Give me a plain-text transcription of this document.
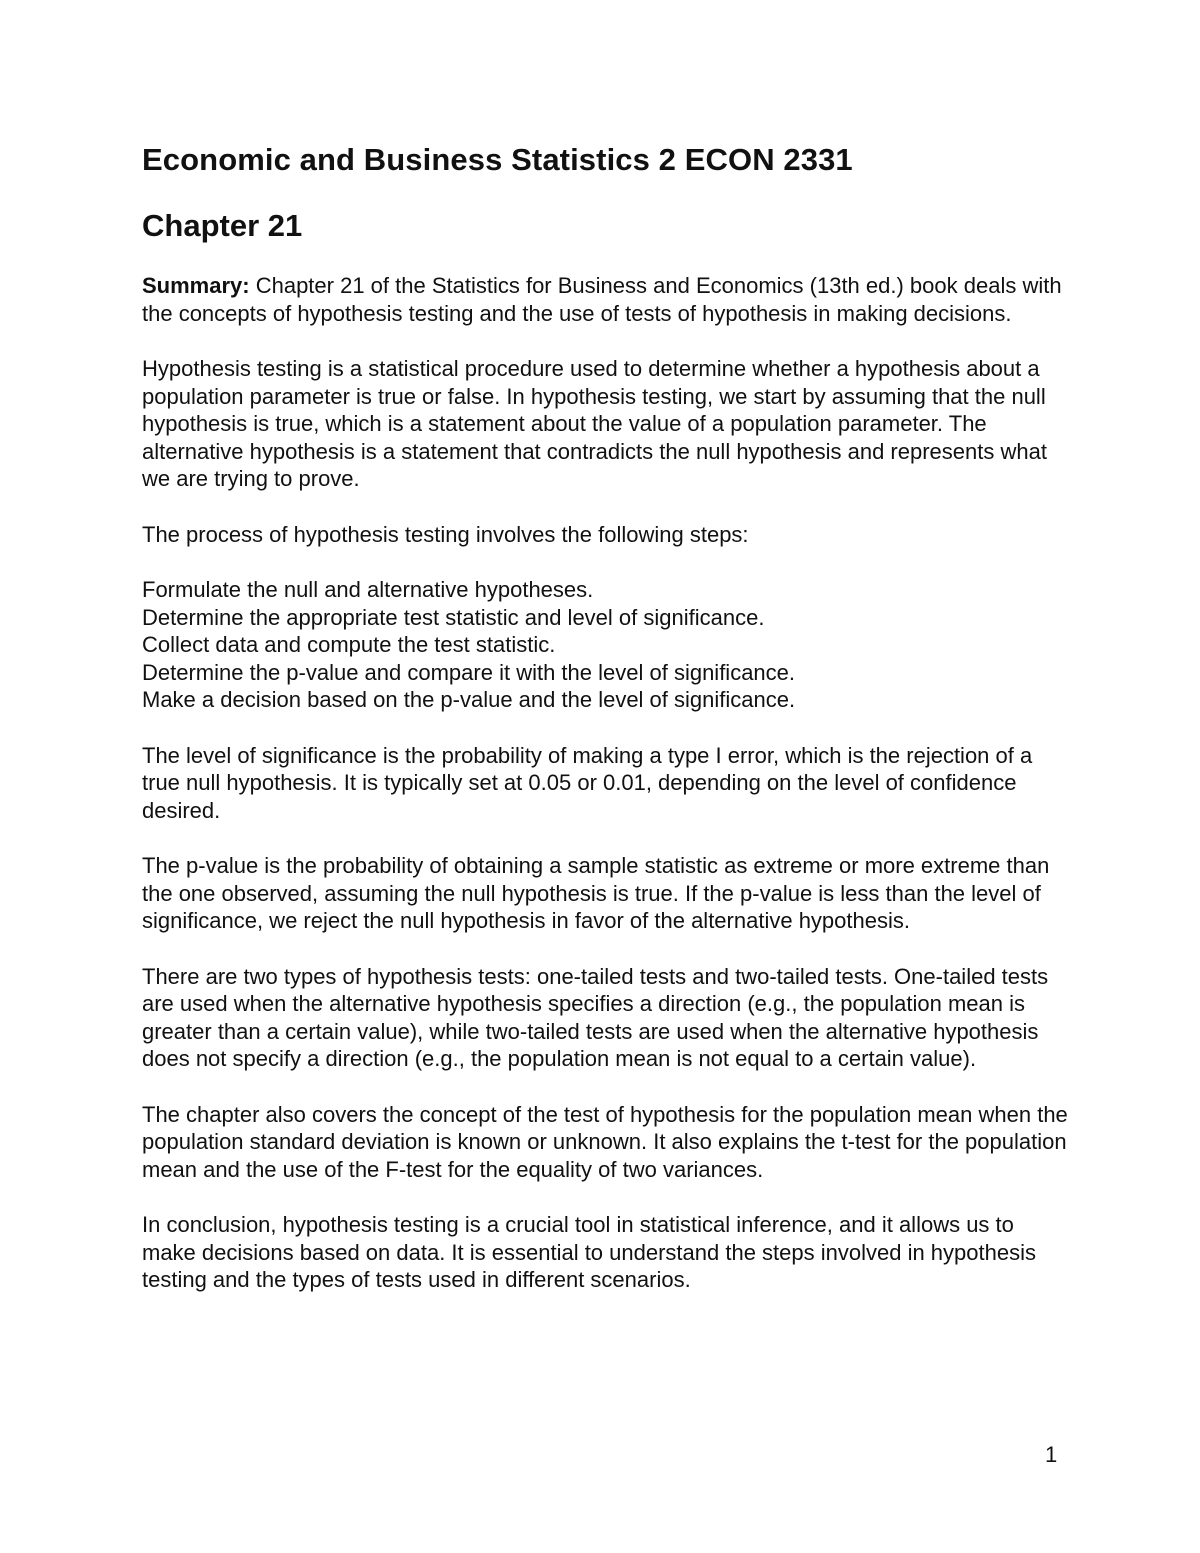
Economic and Business Statistics 2 ECON 2331
Chapter 21

Summary: Chapter 21 of the Statistics for Business and Economics (13th ed.) book deals with the concepts of hypothesis testing and the use of tests of hypothesis in making decisions.

Hypothesis testing is a statistical procedure used to determine whether a hypothesis about a population parameter is true or false. In hypothesis testing, we start by assuming that the null hypothesis is true, which is a statement about the value of a population parameter. The alternative hypothesis is a statement that contradicts the null hypothesis and represents what we are trying to prove.

The process of hypothesis testing involves the following steps:

Formulate the null and alternative hypotheses.
Determine the appropriate test statistic and level of significance.
Collect data and compute the test statistic.
Determine the p-value and compare it with the level of significance.
Make a decision based on the p-value and the level of significance.

The level of significance is the probability of making a type I error, which is the rejection of a true null hypothesis. It is typically set at 0.05 or 0.01, depending on the level of confidence desired.

The p-value is the probability of obtaining a sample statistic as extreme or more extreme than the one observed, assuming the null hypothesis is true. If the p-value is less than the level of significance, we reject the null hypothesis in favor of the alternative hypothesis.

There are two types of hypothesis tests: one-tailed tests and two-tailed tests. One-tailed tests are used when the alternative hypothesis specifies a direction (e.g., the population mean is greater than a certain value), while two-tailed tests are used when the alternative hypothesis does not specify a direction (e.g., the population mean is not equal to a certain value).

The chapter also covers the concept of the test of hypothesis for the population mean when the population standard deviation is known or unknown. It also explains the t-test for the population mean and the use of the F-test for the equality of two variances.

In conclusion, hypothesis testing is a crucial tool in statistical inference, and it allows us to make decisions based on data. It is essential to understand the steps involved in hypothesis testing and the types of tests used in different scenarios.

1
